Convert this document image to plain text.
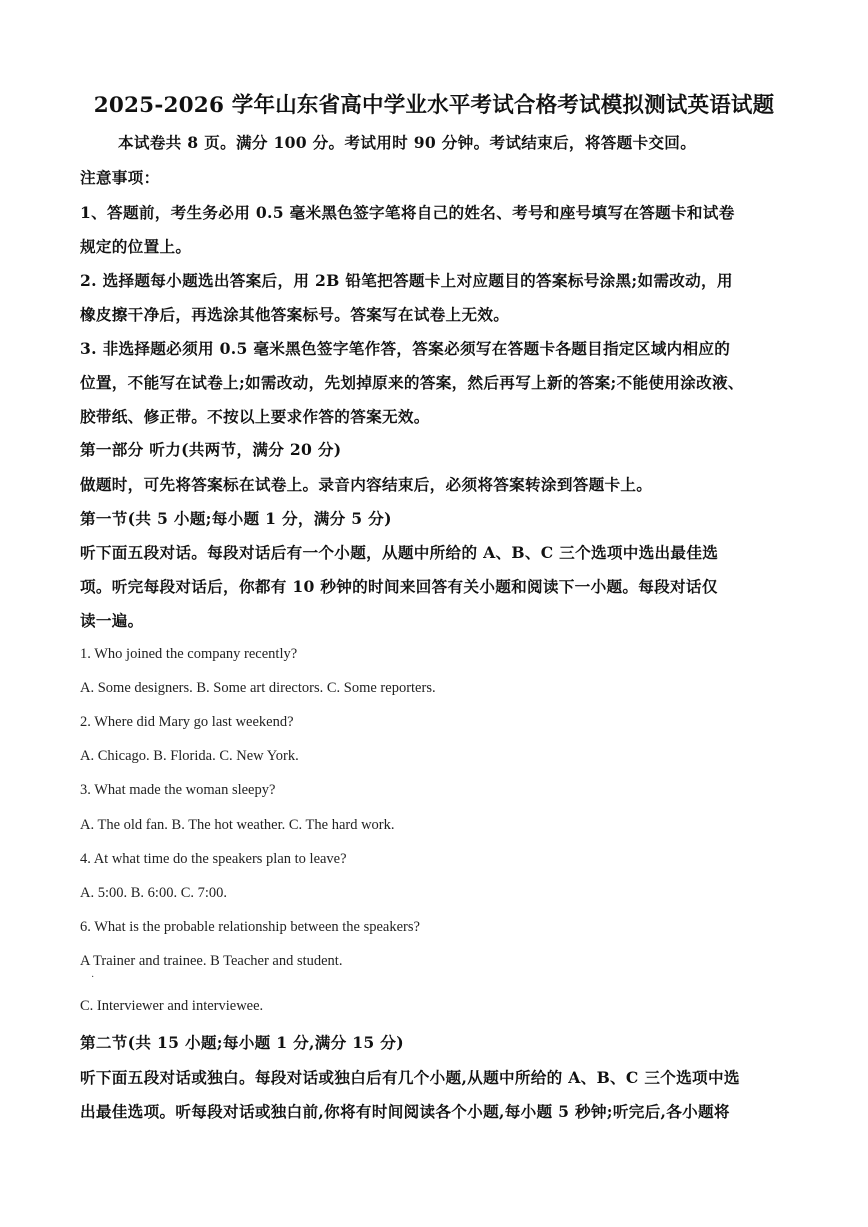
2025-2026 学年山东省高中学业水平考试合格考试模拟测试英语试题
本试卷共 8 页。满分 100 分。考试用时 90 分钟。考试结束后，将答题卡交回。
注意事项：
1、答题前，考生务必用 0.5 毫米黑色签字笔将自己的姓名、考号和座号填写在答题卡和试卷
规定的位置上。
2. 选择题每小题选出答案后，用 2B 铅笔把答题卡上对应题目的答案标号涂黑;如需改动，用
橡皮擦干净后，再选涂其他答案标号。答案写在试卷上无效。
3. 非选择题必须用 0.5 毫米黑色签字笔作答，答案必须写在答题卡各题目指定区域内相应的
位置，不能写在试卷上;如需改动，先划掉原来的答案，然后再写上新的答案;不能使用涂改液、
胶带纸、修正带。不按以上要求作答的答案无效。
第一部分 听力(共两节，满分 20 分)
做题时，可先将答案标在试卷上。录音内容结束后，必须将答案转涂到答题卡上。
第一节(共 5 小题;每小题 1 分，满分 5 分)
听下面五段对话。每段对话后有一个小题，从题中所给的 A、B、C 三个选项中选出最佳选
项。听完每段对话后，你都有 10 秒钟的时间来回答有关小题和阅读下一小题。每段对话仅
读一遍。
1. Who joined the company recently?
A. Some designers. B. Some art directors. C. Some reporters.
2. Where did Mary go last weekend?
A. Chicago. B. Florida. C. New York.
3. What made the woman sleepy?
A. The old fan. B. The hot weather. C. The hard work.
4. At what time do the speakers plan to leave?
A. 5:00. B. 6:00. C. 7:00.
6. What is the probable relationship between the speakers?
A Trainer and trainee. B Teacher and student.
·
C. Interviewer and interviewee.
第二节(共 15 小题;每小题 1 分,满分 15 分)
听下面五段对话或独白。每段对话或独白后有几个小题,从题中所给的 A、B、C 三个选项中选
出最佳选项。听每段对话或独白前,你将有时间阅读各个小题,每小题 5 秒钟;听完后,各小题将
